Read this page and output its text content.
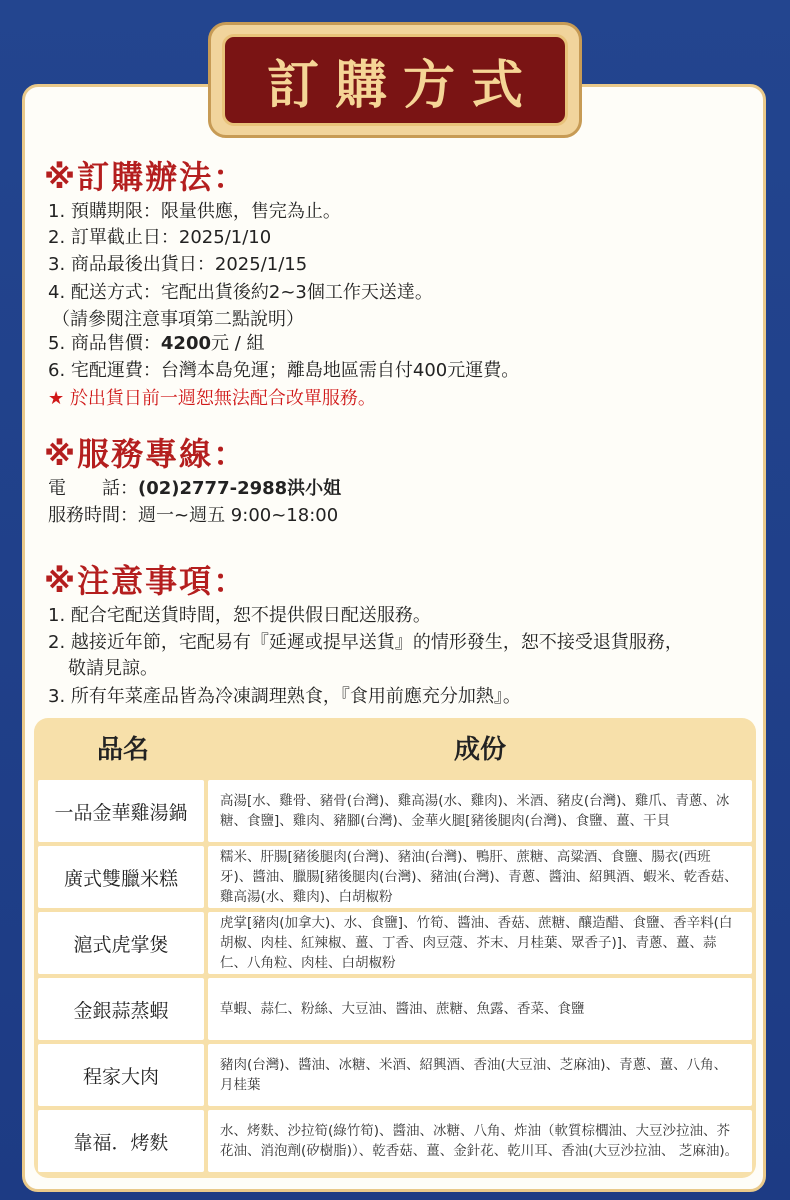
訂購方式
※訂購辦法：
1. 預購期限：限量供應，售完為止。
2. 訂單截止日：2025/1/10
3. 商品最後出貨日：2025/1/15
4. 配送方式：宅配出貨後約2~3個工作天送達。
（請參閱注意事項第二點說明）
5. 商品售價：4200元 / 組
6. 宅配運費：台灣本島免運；離島地區需自付400元運費。
★ 於出貨日前一週恕無法配合改單服務。
※服務專線：
電　　話：(02)2777-2988洪小姐
服務時間：週一~週五 9:00~18:00
※注意事項：
1. 配合宅配送貨時間，恕不提供假日配送服務。
2. 越接近年節，宅配易有『延遲或提早送貨』的情形發生，恕不接受退貨服務，
敬請見諒。
3. 所有年菜產品皆為冷凍調理熟食，『食用前應充分加熱』。
品名	成份
一品金華雞湯鍋
高湯[水、雞骨、豬骨(台灣)、雞高湯(水、雞肉)、米酒、豬皮(台灣)、雞爪、青蔥、冰糖、食鹽]、雞肉、豬腳(台灣)、金華火腿[豬後腿肉(台灣)、食鹽、薑、干貝
廣式雙臘米糕
糯米、肝腸[豬後腿肉(台灣)、豬油(台灣)、鴨肝、蔗糖、高粱酒、食鹽、腸衣(西班牙)、醬油、臘腸[豬後腿肉(台灣)、豬油(台灣)、青蔥、醬油、紹興酒、蝦米、乾香菇、雞高湯(水、雞肉)、白胡椒粉
滬式虎掌煲
虎掌[豬肉(加拿大)、水、食鹽]、竹筍、醬油、香菇、蔗糖、釀造醋、食鹽、香辛料(白胡椒、肉桂、紅辣椒、薑、丁香、肉豆蔻、芥末、月桂葉、眾香子)]、青蔥、薑、蒜仁、八角粒、肉桂、白胡椒粉
金銀蒜蒸蝦	草蝦、蒜仁、粉絲、大豆油、醬油、蔗糖、魚露、香菜、食鹽
程家大肉
豬肉(台灣)、醬油、冰糖、米酒、紹興酒、香油(大豆油、芝麻油)、青蔥、薑、八角、月桂葉
靠福．烤麩
水、烤麩、沙拉筍(綠竹筍)、醬油、冰糖、八角、炸油（軟質棕櫚油、大豆沙拉油、芥花油、消泡劑(矽樹脂)）、乾香菇、薑、金針花、乾川耳、香油(大豆沙拉油、 芝麻油)。
